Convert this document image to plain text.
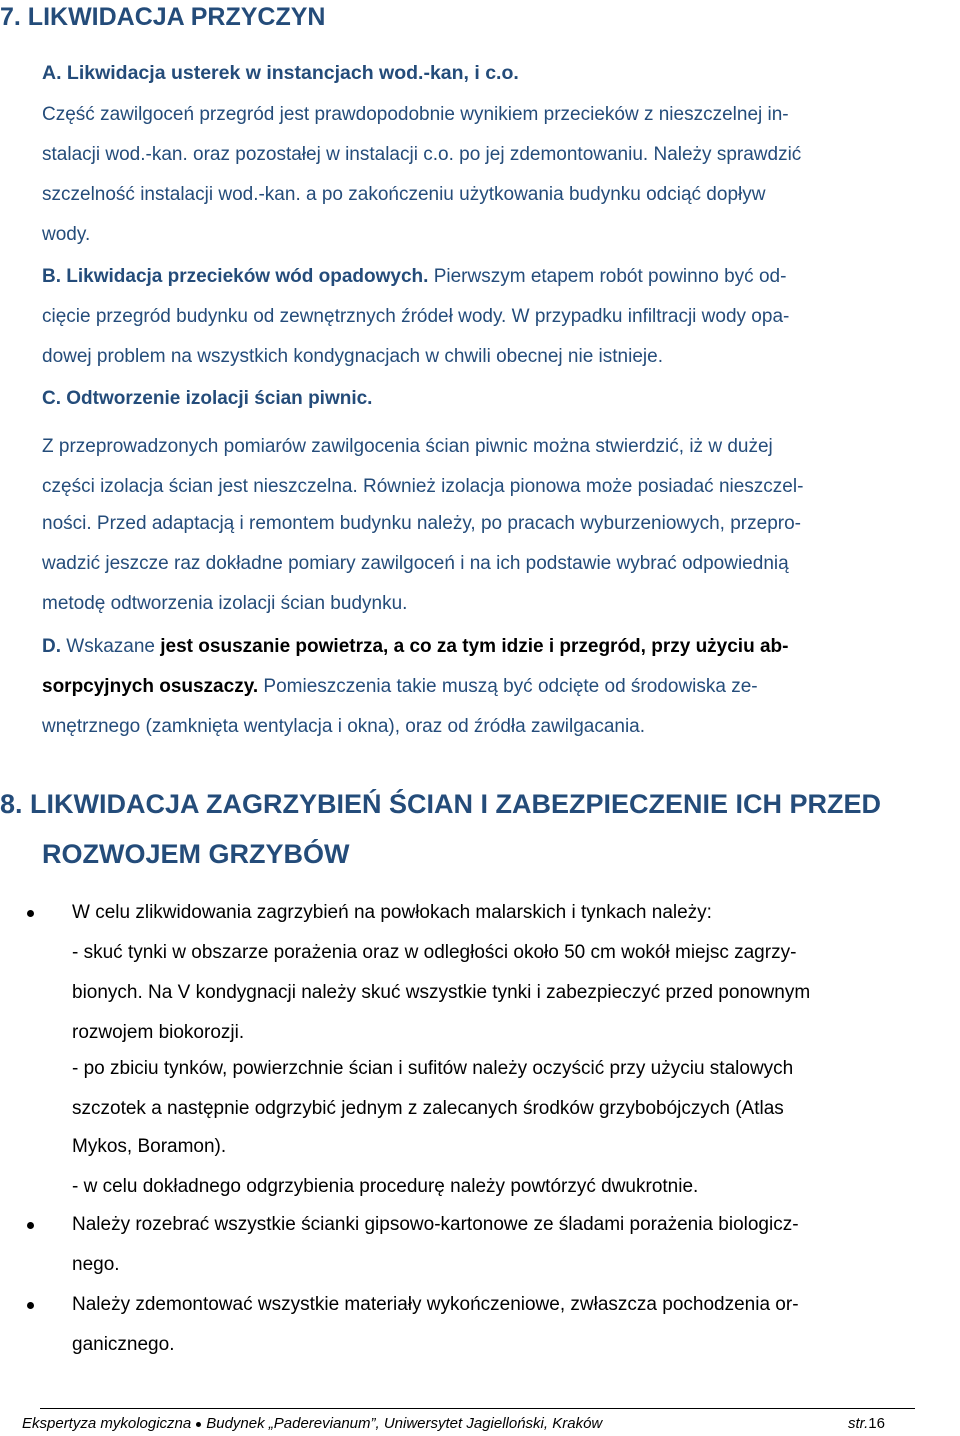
7. LIKWIDACJA PRZYCZYN
A. Likwidacja usterek w instancjach wod.-kan, i c.o.
Część zawilgoceń przegród jest prawdopodobnie wynikiem przecieków z nieszczelnej in-
stalacji wod.-kan. oraz pozostałej w instalacji c.o. po jej zdemontowaniu. Należy sprawdzić
szczelność instalacji wod.-kan. a po zakończeniu użytkowania budynku odciąć dopływ
wody.
B. Likwidacja przecieków wód opadowych. Pierwszym etapem robót powinno być od-
cięcie przegród budynku od zewnętrznych źródeł wody. W przypadku infiltracji wody opa-
dowej problem na wszystkich kondygnacjach w chwili obecnej nie istnieje.
C. Odtworzenie izolacji ścian piwnic.
Z przeprowadzonych pomiarów zawilgocenia ścian piwnic można stwierdzić, iż w dużej
części izolacja ścian jest nieszczelna. Również izolacja pionowa może posiadać nieszczel-
ności. Przed adaptacją i remontem budynku należy, po pracach wyburzeniowych, przepro-
wadzić jeszcze raz dokładne pomiary zawilgoceń i na ich podstawie wybrać odpowiednią
metodę odtworzenia izolacji ścian budynku.
D. Wskazane jest osuszanie powietrza, a co za tym idzie i przegród, przy użyciu ab-
sorpcyjnych osuszaczy. Pomieszczenia takie muszą być odcięte od środowiska ze-
wnętrznego (zamknięta wentylacja i okna), oraz od źródła zawilgacania.
8. LIKWIDACJA ZAGRZYBIEŃ ŚCIAN I ZABEZPIECZENIE ICH PRZED
ROZWOJEM GRZYBÓW
W celu zlikwidowania zagrzybień na powłokach malarskich i tynkach należy:
- skuć tynki w obszarze porażenia oraz w odległości około 50 cm wokół miejsc zagrzy-
bionych. Na V kondygnacji należy skuć wszystkie tynki i zabezpieczyć przed ponownym
rozwojem biokorozji.
- po zbiciu tynków, powierzchnie ścian i sufitów należy oczyścić przy użyciu stalowych
szczotek a następnie odgrzybić jednym z zalecanych środków grzybobójczych (Atlas
Mykos, Boramon).
- w celu dokładnego odgrzybienia procedurę należy powtórzyć dwukrotnie.
Należy rozebrać wszystkie ścianki gipsowo-kartonowe ze śladami porażenia biologicz-
nego.
Należy zdemontować wszystkie materiały wykończeniowe, zwłaszcza pochodzenia or-
ganicznego.
Ekspertyza mykologiczna Budynek „Paderevianum”, Uniwersytet Jagielloński, Kraków	str.16
